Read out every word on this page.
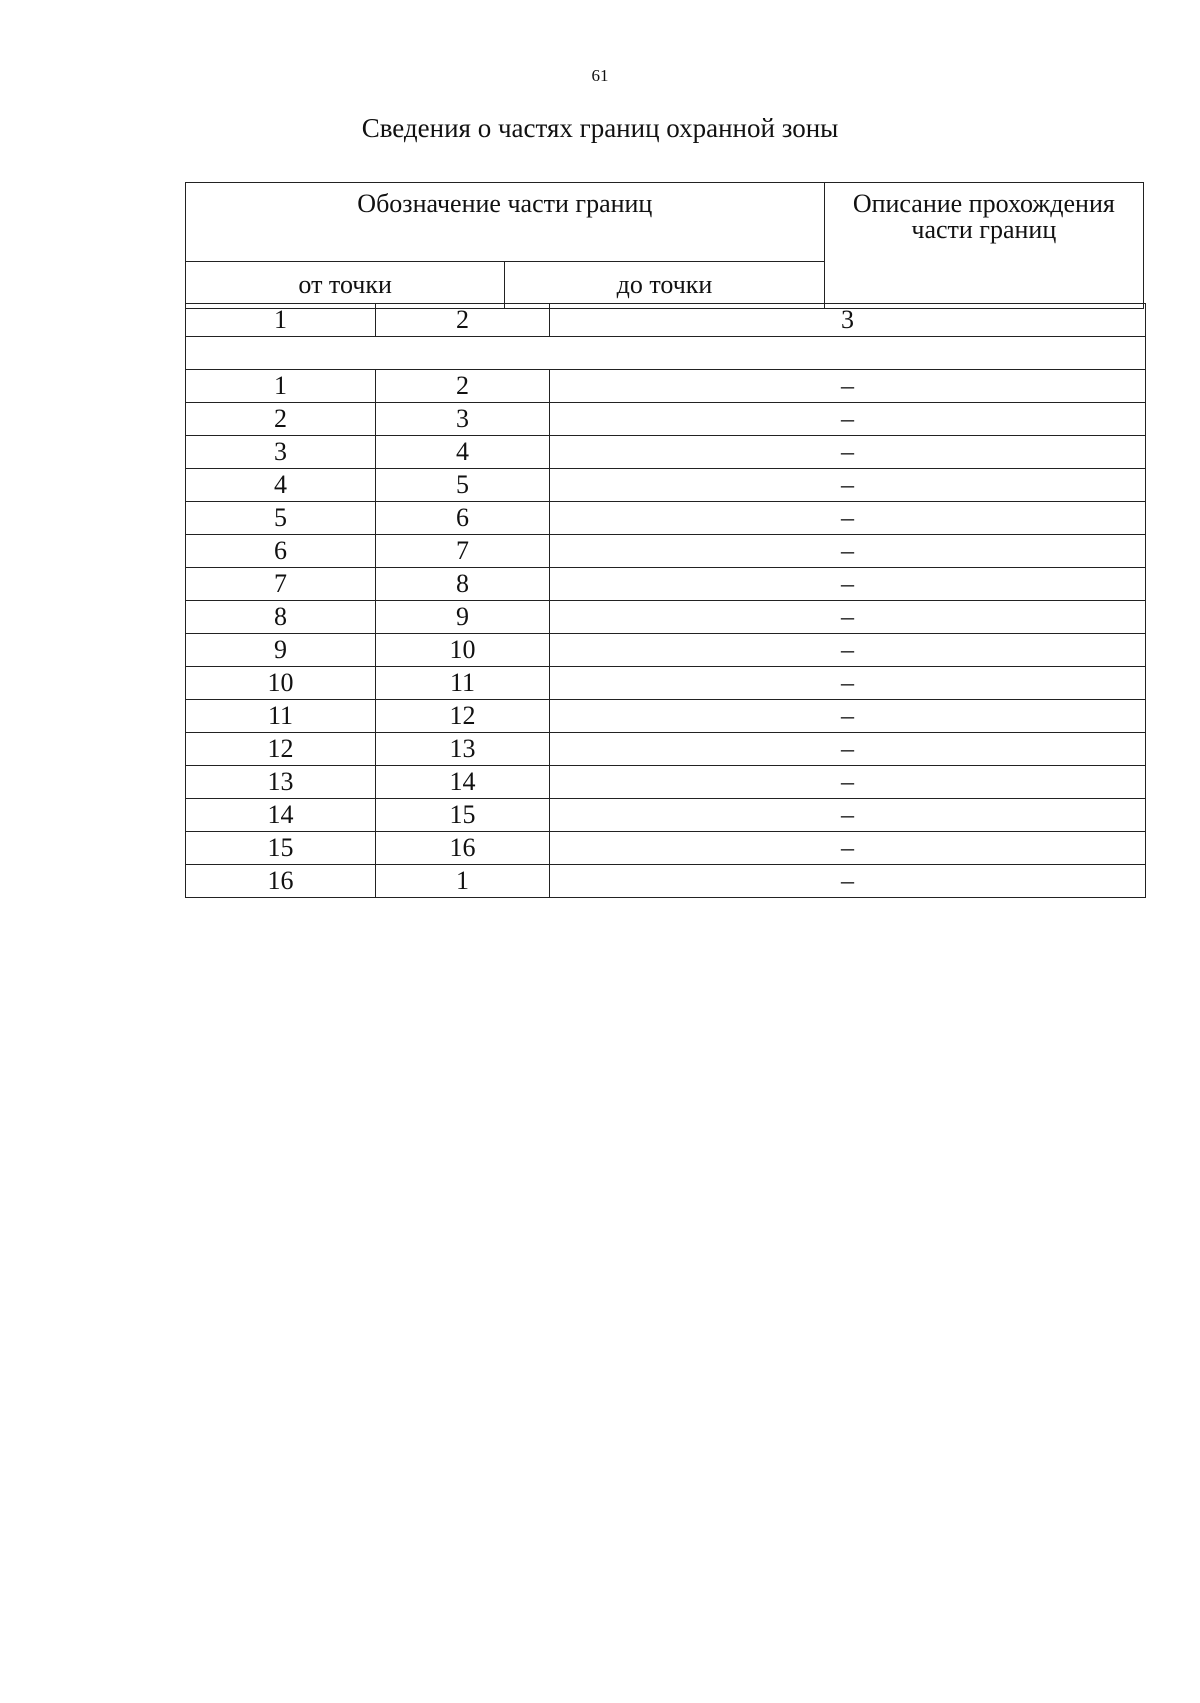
61
Сведения о частях границ охранной зоны
Обозначение части границ		Описание прохождения части границ
от точки	до точки	
1	2	3

1	2	–
2	3	–
3	4	–
4	5	–
5	6	–
6	7	–
7	8	–
8	9	–
9	10	–
10	11	–
11	12	–
12	13	–
13	14	–
14	15	–
15	16	–
16	1	–
